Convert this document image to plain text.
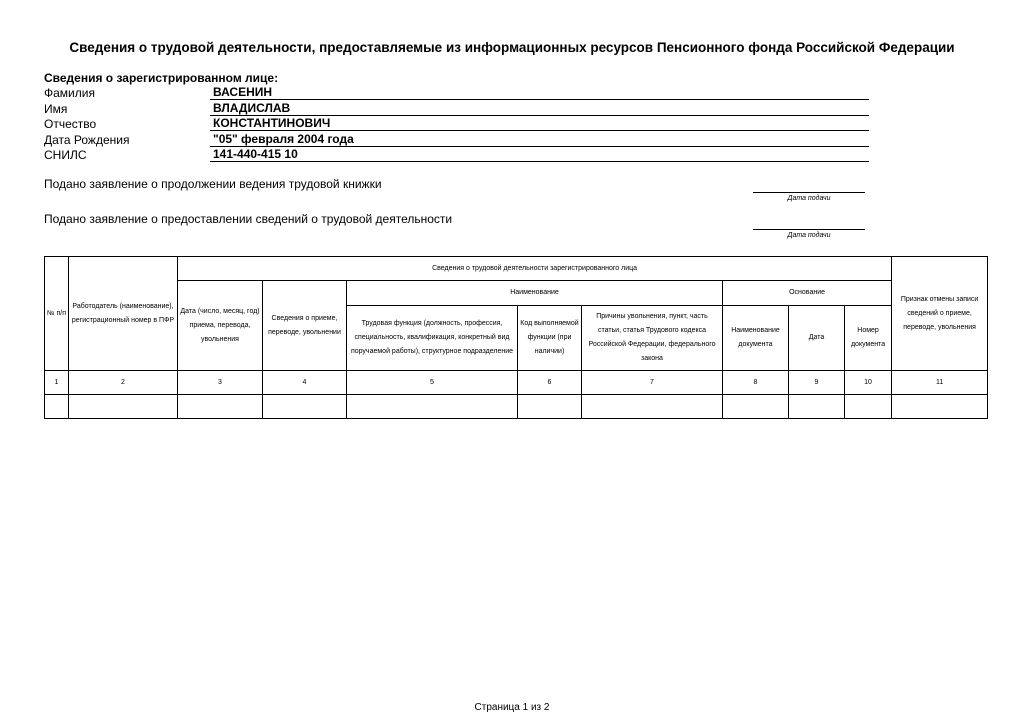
Сведения о трудовой деятельности, предоставляемые из информационных ресурсов Пенсионного фонда Российской Федерации
Сведения о зарегистрированном лице:
Фамилия	ВАСЕНИН
Имя	ВЛАДИСЛАВ
Отчество	КОНСТАНТИНОВИЧ
Дата Рождения	"05" февраля 2004 года
СНИЛС	141-440-415 10
Подано заявление о продолжении ведения трудовой книжки
Дата подачи
Подано заявление о предоставлении сведений о трудовой деятельности
Дата подачи
№ п/п	Работодатель (наименование), регистрационный номер в ПФР	Сведения о трудовой деятельности зарегистрированного лица								Признак отмены записи сведений о приеме, переводе, увольнения
		Дата (число, месяц, год) приема, перевода, увольнения	Сведения о приеме, переводе, увольнении	Наименование			Основание			
				Трудовая функция (должность, профессия, специальность, квалификация, конкретный вид поручаемой работы), структурное подразделение	Код выполняемой функции (при наличии)	Причины увольнения, пункт, часть статьи, статья Трудового кодекса Российской Федерации, федерального закона	Наименование документа	Дата	Номер документа	
1	2	3	4	5	6	7	8	9	10	11

Страница 1 из 2
